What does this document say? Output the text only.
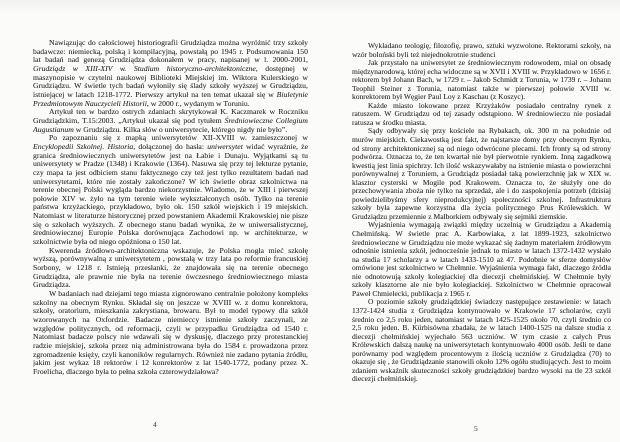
Nawiązując do całościowej historiografii Grudziądza można wyróżnić trzy szkoły badawcze: niemiecką, polską i kompilacyjną, powstałą po 1945 r. Podsumowania 150 lat badań nad genezą Grudziądza dokonałem w pracy, napisanej w l. 2000-2001, Grudziądz w XIII-XIV w. Studium historyczno-architektoniczne, dostępnej w maszynopisie w czytelni naukowej Biblioteki Miejskiej im. Wiktora Kulerskiego w Grudziądzu. W świetle tych badań wyłoniły się ślady szkoły wyższej w Grudziądzu, istniejącej w latach 1218-1772. Pierwszy artykuł na ten temat ukazał się w Biuletynie Przedmiotowym Nauczycieli Historii, w 2000 r., wydanym w Toruniu.

Artykuł ten w bardzo ostrych zdaniach skrytykował K. Kaczmarek w Roczniku Grudziądzkim, T.15:2003. „Artykuł ukazał się pod tytułem Średniowieczne Collegium Augustianum w Grudziądzu. Kilka słów o uniwersytecie, którego nigdy nie było”.

Po zapoznaniu się z mapką uniwersytetów XII-XVIII w. zamieszczonej w Encyklopedii Szkolnej. Historia, dołączonej do hasła: uniwersytet widać wyraźnie, że granica średniowiecznych uniwersytetów jest na Łabie i Dunaju. Wyjątkami są tu uniwersytety w Pradze (1348) i Krakowie (1364). Nasuwa się przy tej lekturze pytanie, czy mapa ta jest odbiciem stanu faktycznego czy też jest tylko rezultatem badań nad uniwersytetami, które nie zostały zakończone? W ich świetle obraz szkolnictwa na terenie obecnej Polski wygląda bardzo niekorzystnie. Wiadomo, że w XIII i pierwszej połowie XIV w. żyło na tym terenie wiele wykształconych osób. Tylko na terenie państwa krzyżackiego, przykładowo, było ok. 150 szkół wiejskich i 19 miejskich. Natomiast w literaturze historycznej przed powstaniem Akademii Krakowskiej nie pisze się o szkołach wyższych. Z obecnego stanu badań wynika, że w uniwersalistycznej, średniowiecznej Europie Polska dorównująca Zachodowi np. w architekturze, w szkolnictwie była od niego opóźniona o 150 lat.

Kwerenda źródłowo-architektoniczna wskazuje, że Polska mogła mieć szkołę wyższą, porównywalną z uniwersytetem , powstałą w trzy lata po reformie francuskiej Sorbony, w 1218 r. Istnieją przesłanki, że znajdowała się na terenie obecnego Grudziądza, ale prawnie nie była na terenie ówczesnego średniowiecznego miasta Grudziądza.

W badaniach nad dziejami tego miasta zignorowano centralnie położony kompleks szkolny na obecnym Rynku. Składał się on jeszcze w XVIII w. z domu konrektora, szkoły, oratorium, mieszkania zakrystiana, browaru. Był to model typowy dla szkół wzorowanych na Oxfordzie. Badacze niemieccy istnienie szkoły zaczynali, ze względów politycznych, od reformacji, czyli w przypadku Grudziądza od 1540 r. Natomiast badacze polscy nie wdawali się w dyskusję, dlaczego przy protestanckiej radzie miejskiej, szkoła przez nią administrowana była do 1584 r. prowadzona przez zgromadzenie księży, czyli kanoników regularnych. Również nie zadano pytania źródłu, jakim jest wykaz 18 rektorów i 12 konrektorów z lat 1540-1772, podany przez X. Froelicha, dlaczego była to pełna szkoła czterowydziałowa?

Wykładano teologię, filozofię, prawo, sztuki wyzwolone. Rektorami szkoły, na wzór boloński byli też niejednokrotnie studenci

Jak przystało na uniwersytet ze średniowiecznym rodowodem, miał on obsadę międzynarodową, której echa widoczne są w XVII i XVIII w. Przykładowo w 1656 r. rektorem był Johann Bach, w 1729 r. – Jakob Schmidt z Torunia, w 1739 r. – Johann Teophil Steiner z Torunia, natomiast także w pierwszej połowie XVIII w. konrektorem był Węgier Paul Loy z Kaschau (z Koszyc).

Każde miasto lokowane przez Krzyżaków posiadało centralny rynek z ratuszem. W Grudziądzu od tej zasady odstąpiono. W średniowieczu nie posiadał ratusza w środku miasta.

Sądy odbywały się przy kościele na Rybakach, ok. 300 m na południe od murów miejskich. Ciekawostką jest fakt, że najstarsze domy przy obecnym Rynku, od strony architektonicznej są od niego odwrócone plecami. Ich fronty są od strony podwórza. Oznacza to, że ten kwartał nie był pierwotnie rynkiem. Inną zagadkową kwestią jest linia spichrzy. Ich ilość wskazywałaby na istnienie miasta o powierzchni porównywalnej z Toruniem, a Grudziądz posiadał taką powierzchnię jak w XIX w. klasztor cysterski w Mogile pod Krakowem. Oznacza to, że służyły one do przechowywania zboża nie tylko na sprzedaż, ale i do zaspokojenia potrzeb (dzisiaj powiedzielibyśmy sfery nieprodukcyjnej) społeczności szkolnej. Infrastruktura szkoły była zapewne korzystna dla życia politycznego Prus Królewskich. W Grudziądzu przemiennie z Malborkiem odbywały się sejmiki ziemskie.

Wyjaśnienia wymagają związki między uczelnią w Grudziądzu a Akademią Chełmińską. W świetle prac A. Karbowiaka, z lat 1899-1923, szkolnictwo średniowieczne w Grudziądzu nie może wykazać się żadnym materiałem źródłowym odnośnie istnienia szkół, jednocześnie jednak to miasto w latach 1372-1432 wysłało na studia 17 scholarzy a w latach 1433-1510 aż 47. Podobnie w sferze domysłów omówione jest szkolnictwo w Chełmnie. Wyjaśnienia wymaga fakt, dlaczego źródła nie odnotowują szkoły kolegiackiej dla diecezji chełmińskiej. W Chełmnie były szkoły klasztorne ale nie było kolegiackiej. Szkolnictwo w Chełmnie opracował Paweł Chmielecki, publikacja z 1965 r.

O poziomie szkoły grudziądzkiej świadczy następujące zestawienie: w latach 1372-1424 studia z Grudziądza kontynuowało w Krakowie 17 scholarów, czyli średnio co 2,5 roku jeden, natomiast w latach 1425-1525 około 70, czyli średnio co 2,5 roku jeden. B. Kürbisówna zbadała, że w latach 1400-1525 na dalsze studia z diecezji chełmińskiej wyjechało 563 uczniów. W tym czasie z całych Prus Królewskich dalszą naukę na uniwersytetach kontynuowało 4000 osób. Jeśli te dane porównamy pod względem procentowym z ilością uczniów z Grudziądza (70) to okazuje się , że Grudziądzanie stanowili około 12% ogółu studiujących. Jest to moim zdaniem wskaźnik skuteczności szkoły grudziądzkiej bardzo wysoki na tle 23 szkół diecezji chełmińskiej.

4	5
